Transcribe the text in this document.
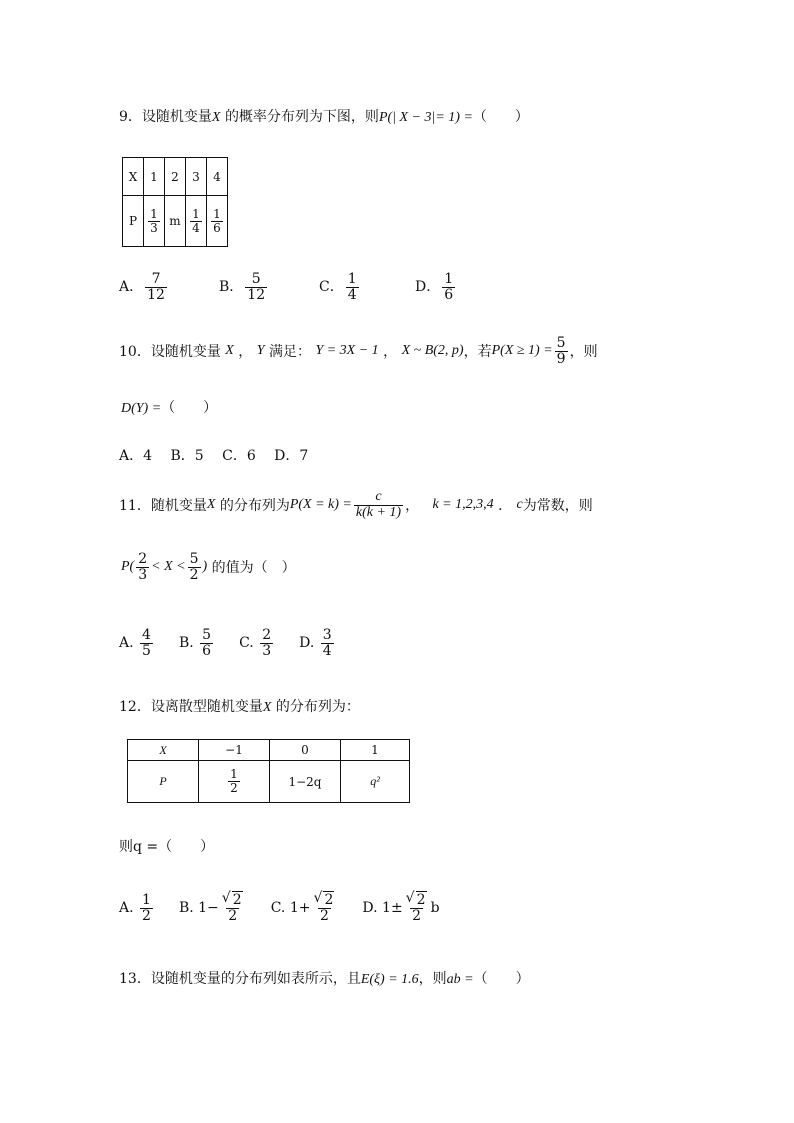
9．设随机变量X 的概率分布列为下图，则P(| X − 3|= 1) =（　　）
X	1	2	3	4
P	$\frac{1}{3}$	m	$\frac{1}{4}$	$\frac{1}{6}$
A． $\frac{7}{12}$	B． $\frac{5}{12}$	C． $\frac{1}{4}$	D． $\frac{1}{6}$
10． 设随机变量
X
，
Y
满足：
Y = 3X − 1
，
X ~ B(2, p) ，若 $P(X \ge 1) = \frac{5}{9}$ ，则
D(Y) =（　　）
A．4　 B．5　 C．6　 D．7
11． 随机变量 X
的分布列为 $P(X = k) = \frac{c}{k(k + 1)}$ ， k = 1,2,3,4
．
c 为常数，则
$P( \frac{2}{3} < X < \frac{5}{2}$ )
的值为（　）
A.
$\frac{4}{5} B$.
$\frac{5}{6} C$.
$\frac{2}{3} D$.
$\frac{3}{4}$
12．设离散型随机变量X 的分布列为：
X	−1	0	1
P	$\frac{1}{2}$	1−2q	q²
则q =（　　）
A.
$\frac{1}{2} B$.
1− √ $\frac{2}{2} C$.
1+ √ $\frac{2}{2} D$.
1± √ $\frac{2}{2}$ b
13．设随机变量的分布列如表所示，且E(ξ) = 1.6，则ab =（　　）
